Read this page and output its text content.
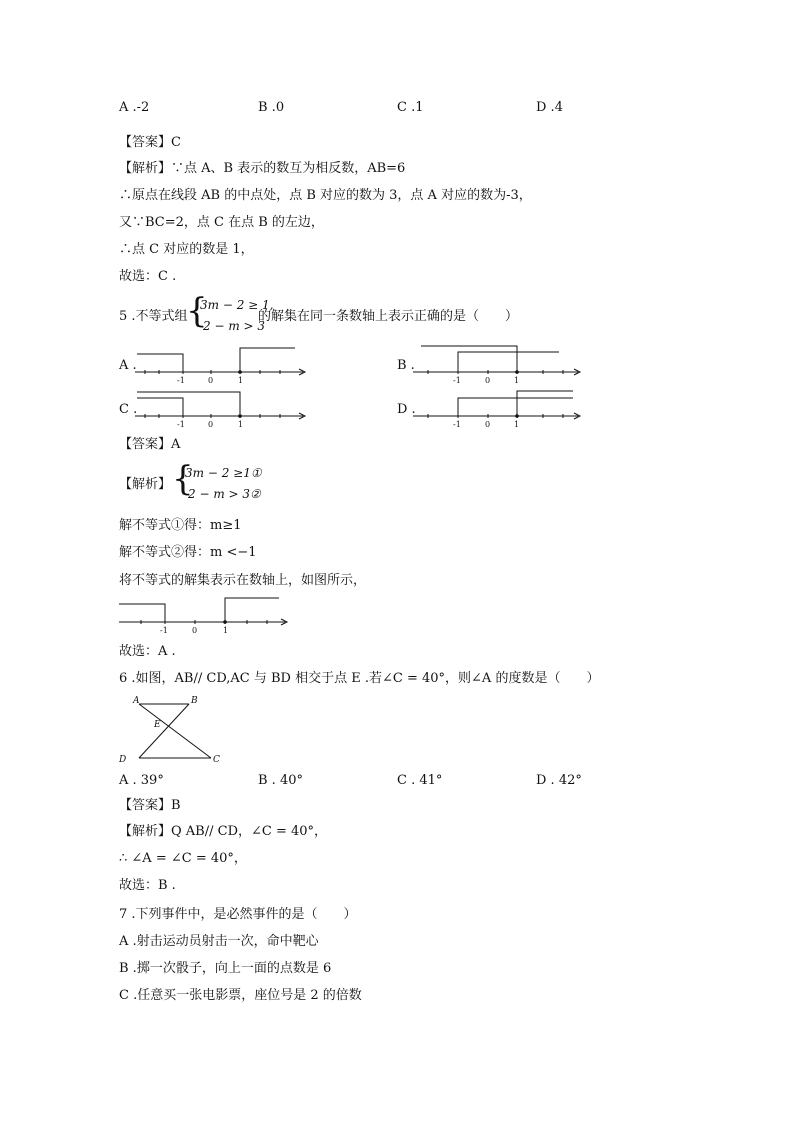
A .-2	B .0	C .1	D .4
【答案】C
【解析】∵点 A、B 表示的数互为相反数，AB=6
∴原点在线段 AB 的中点处，点 B 对应的数为 3，点 A 对应的数为-3，
又∵BC=2，点 C 在点 B 的左边，
∴点 C 对应的数是 1，
故选：C .
5 .不等式组
{
3m − 2 ≥ 1,
2 − m > 3
的解集在同一条数轴上表示正确的是（　　）
A .	B .
C .	D .
-1	0	1	-1	0	1
-1	0	1	-1	0	1
【答案】A
【解析】 {
3m − 2 ≥1①
2 − m > 3②
解不等式①得：m≥1
解不等式②得：m <−1
将不等式的解集表示在数轴上，如图所示，
-1	0	1
故选：A .
6 .如图，AB// CD,AC 与 BD 相交于点 E .若∠C = 40°，则∠A 的度数是（　　）
A	B
E
D	C
A . 39°	B . 40°	C . 41°	D . 42°
【答案】B
【解析】Q AB// CD，∠C = 40°，
∴ ∠A = ∠C = 40°，
故选：B .
7 .下列事件中，是必然事件的是（　　）
A .射击运动员射击一次，命中靶心
B .掷一次骰子，向上一面的点数是 6
C .任意买一张电影票，座位号是 2 的倍数
